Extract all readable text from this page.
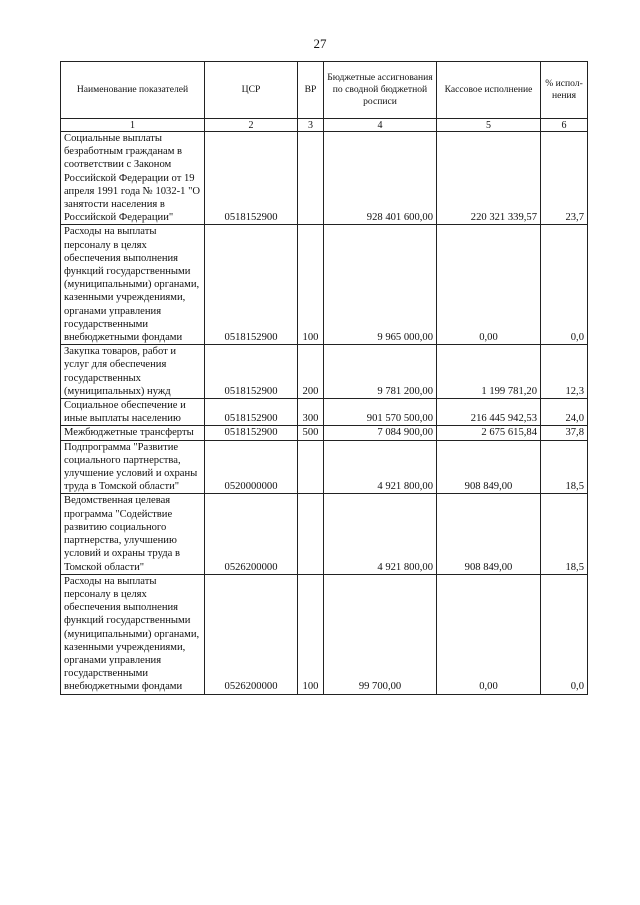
27
Наименование показателей	ЦСР	ВР	Бюджетные ассигнования по сводной бюджетной росписи	Кассовое исполнение	% испол-нения
1	2	3	4	5	6
Социальные выплаты безработным гражданам в соответствии с Законом Российской Федерации от 19 апреля 1991 года № 1032-1 "О занятости населения в Российской Федерации"	0518152900		928 401 600,00	220 321 339,57	23,7
Расходы на выплаты персоналу в целях обеспечения выполнения функций государственными (муниципальными) органами, казенными учреждениями, органами управления государственными внебюджетными фондами	0518152900	100	9 965 000,00	0,00	0,0
Закупка товаров, работ и услуг для обеспечения государственных (муниципальных) нужд	0518152900	200	9 781 200,00	1 199 781,20	12,3
Социальное обеспечение и иные выплаты населению	0518152900	300	901 570 500,00	216 445 942,53	24,0
Межбюджетные трансферты	0518152900	500	7 084 900,00	2 675 615,84	37,8
Подпрограмма "Развитие социального партнерства, улучшение условий и охраны труда в Томской области"	0520000000		4 921 800,00	908 849,00	18,5
Ведомственная целевая программа "Содействие развитию социального партнерства, улучшению условий и охраны труда в Томской области"	0526200000		4 921 800,00	908 849,00	18,5
Расходы на выплаты персоналу в целях обеспечения выполнения функций государственными (муниципальными) органами, казенными учреждениями, органами управления государственными внебюджетными фондами	0526200000	100	99 700,00	0,00	0,0
